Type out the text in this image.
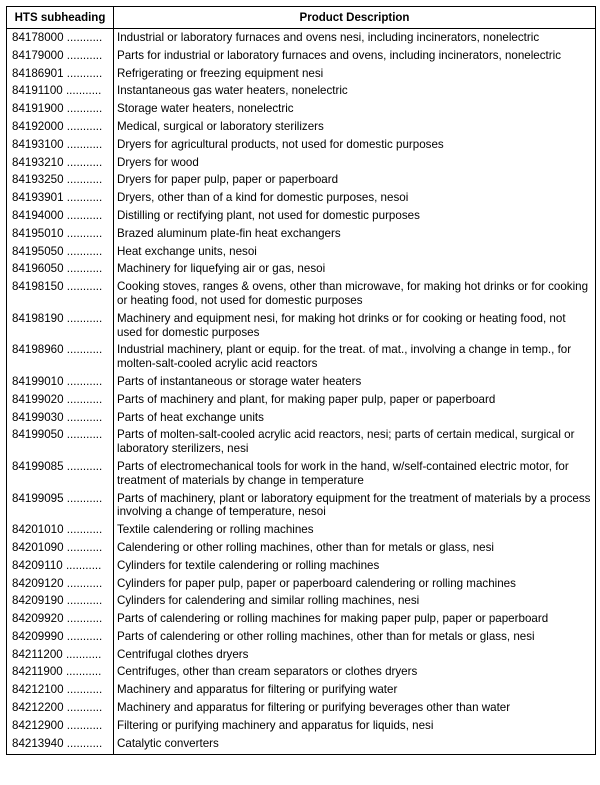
HTS subheading	Product Description
84178000 ...........	Industrial or laboratory furnaces and ovens nesi, including incinerators, nonelectric
84179000 ...........	Parts for industrial or laboratory furnaces and ovens, including incinerators, nonelectric
84186901 ...........	Refrigerating or freezing equipment nesi
84191100 ...........	Instantaneous gas water heaters, nonelectric
84191900 ...........	Storage water heaters, nonelectric
84192000 ...........	Medical, surgical or laboratory sterilizers
84193100 ...........	Dryers for agricultural products, not used for domestic purposes
84193210 ...........	Dryers for wood
84193250 ...........	Dryers for paper pulp, paper or paperboard
84193901 ...........	Dryers, other than of a kind for domestic purposes, nesoi
84194000 ...........	Distilling or rectifying plant, not used for domestic purposes
84195010 ...........	Brazed aluminum plate-fin heat exchangers
84195050 ...........	Heat exchange units, nesoi
84196050 ...........	Machinery for liquefying air or gas, nesoi
84198150 ...........	Cooking stoves, ranges & ovens, other than microwave, for making hot drinks or for cooking or heating food, not used for domestic purposes
84198190 ...........	Machinery and equipment nesi, for making hot drinks or for cooking or heating food, not used for domestic purposes
84198960 ...........	Industrial machinery, plant or equip. for the treat. of mat., involving a change in temp., for molten-salt-cooled acrylic acid reactors
84199010 ...........	Parts of instantaneous or storage water heaters
84199020 ...........	Parts of machinery and plant, for making paper pulp, paper or paperboard
84199030 ...........	Parts of heat exchange units
84199050 ...........	Parts of molten-salt-cooled acrylic acid reactors, nesi; parts of certain medical, surgical or laboratory sterilizers, nesi
84199085 ...........	Parts of electromechanical tools for work in the hand, w/self-contained electric motor, for treatment of materials by change in temperature
84199095 ...........	Parts of machinery, plant or laboratory equipment for the treatment of materials by a process involving a change of temperature, nesoi
84201010 ...........	Textile calendering or rolling machines
84201090 ...........	Calendering or other rolling machines, other than for metals or glass, nesi
84209110 ...........	Cylinders for textile calendering or rolling machines
84209120 ...........	Cylinders for paper pulp, paper or paperboard calendering or rolling machines
84209190 ...........	Cylinders for calendering and similar rolling machines, nesi
84209920 ...........	Parts of calendering or rolling machines for making paper pulp, paper or paperboard
84209990 ...........	Parts of calendering or other rolling machines, other than for metals or glass, nesi
84211200 ...........	Centrifugal clothes dryers
84211900 ...........	Centrifuges, other than cream separators or clothes dryers
84212100 ...........	Machinery and apparatus for filtering or purifying water
84212200 ...........	Machinery and apparatus for filtering or purifying beverages other than water
84212900 ...........	Filtering or purifying machinery and apparatus for liquids, nesi
84213940 ...........	Catalytic converters
